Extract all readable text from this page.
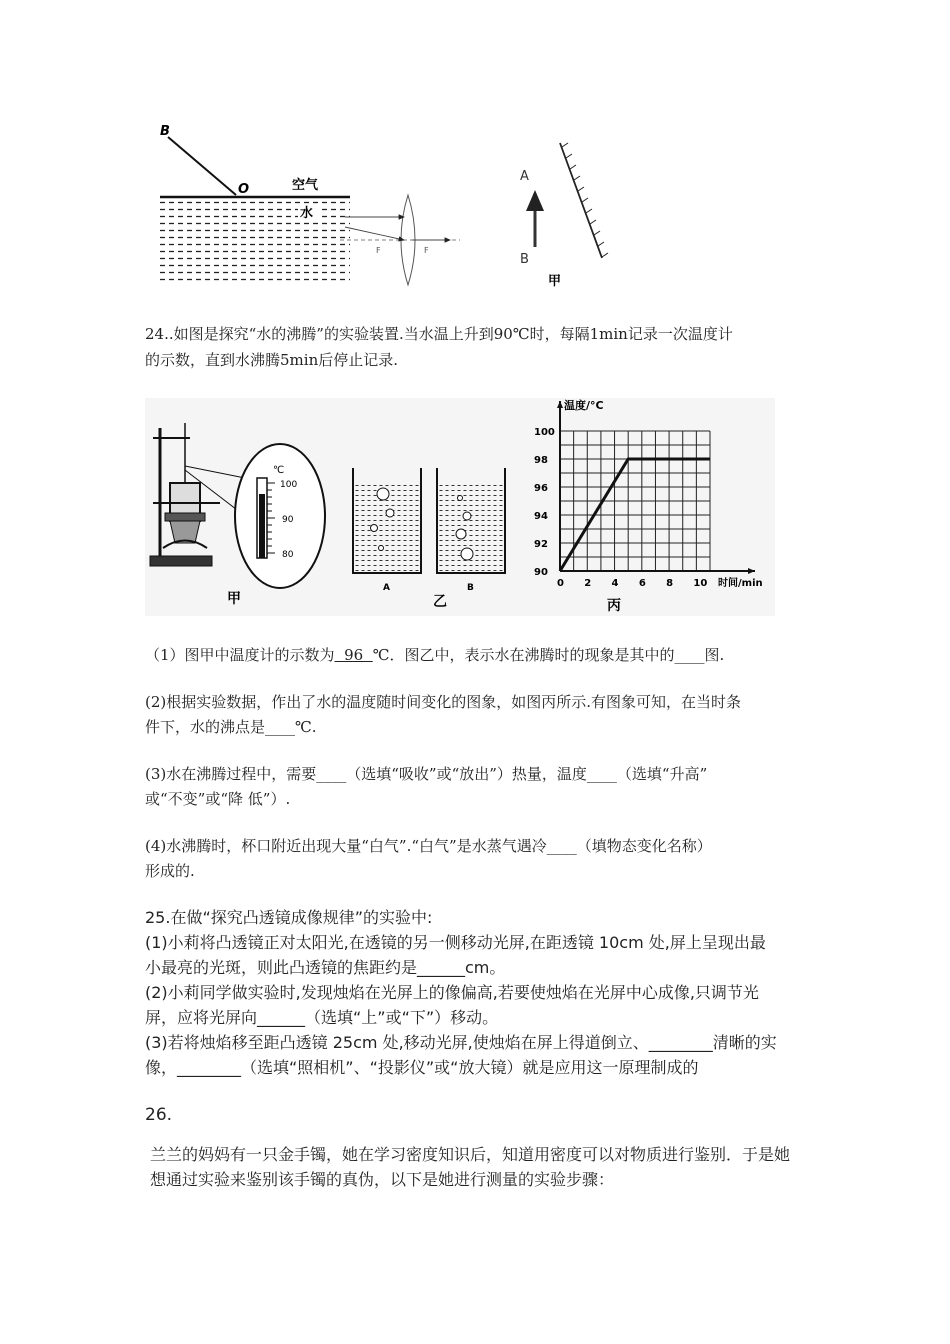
B
O	空气
水
F	F
A
B
甲
24..如图是探究“水的沸腾”的实验装置.当水温上升到90℃时，每隔1min记录一次温度计
的示数，直到水沸腾5min后停止记录.
℃
100
90
80
甲
A	B
乙
0 2 4 6 8 10
90
92
94
96
98
100
温度/°C
时间/min
丙
（1）图甲中温度计的示数为  96  ℃．图乙中，表示水在沸腾时的现象是其中的____图.
(2)根据实验数据，作出了水的温度随时间变化的图象，如图丙所示.有图象可知，在当时条
件下，水的沸点是____℃.
(3)水在沸腾过程中，需要____（选填“吸收”或“放出”）热量，温度____（选填“升高”
或“不变”或“降 低”）.
(4)水沸腾时，杯口附近出现大量“白气”.“白气”是水蒸气遇冷____（填物态变化名称）
形成的.
25.在做“探究凸透镜成像规律”的实验中:
(1)小莉将凸透镜正对太阳光,在透镜的另一侧移动光屏,在距透镜 10cm 处,屏上呈现出最
小最亮的光斑，则此凸透镜的焦距约是______cm。
(2)小莉同学做实验时,发现烛焰在光屏上的像偏高,若要使烛焰在光屏中心成像,只调节光
屏，应将光屏向______（选填“上”或“下”）移动。
(3)若将烛焰移至距凸透镜 25cm 处,移动光屏,使烛焰在屏上得道倒立、________清晰的实
像，________（选填“照相机”、“投影仪”或“放大镜）就是应用这一原理制成的
26.
兰兰的妈妈有一只金手镯，她在学习密度知识后，知道用密度可以对物质进行鉴别．于是她
想通过实验来鉴别该手镯的真伪，以下是她进行测量的实验步骤：
